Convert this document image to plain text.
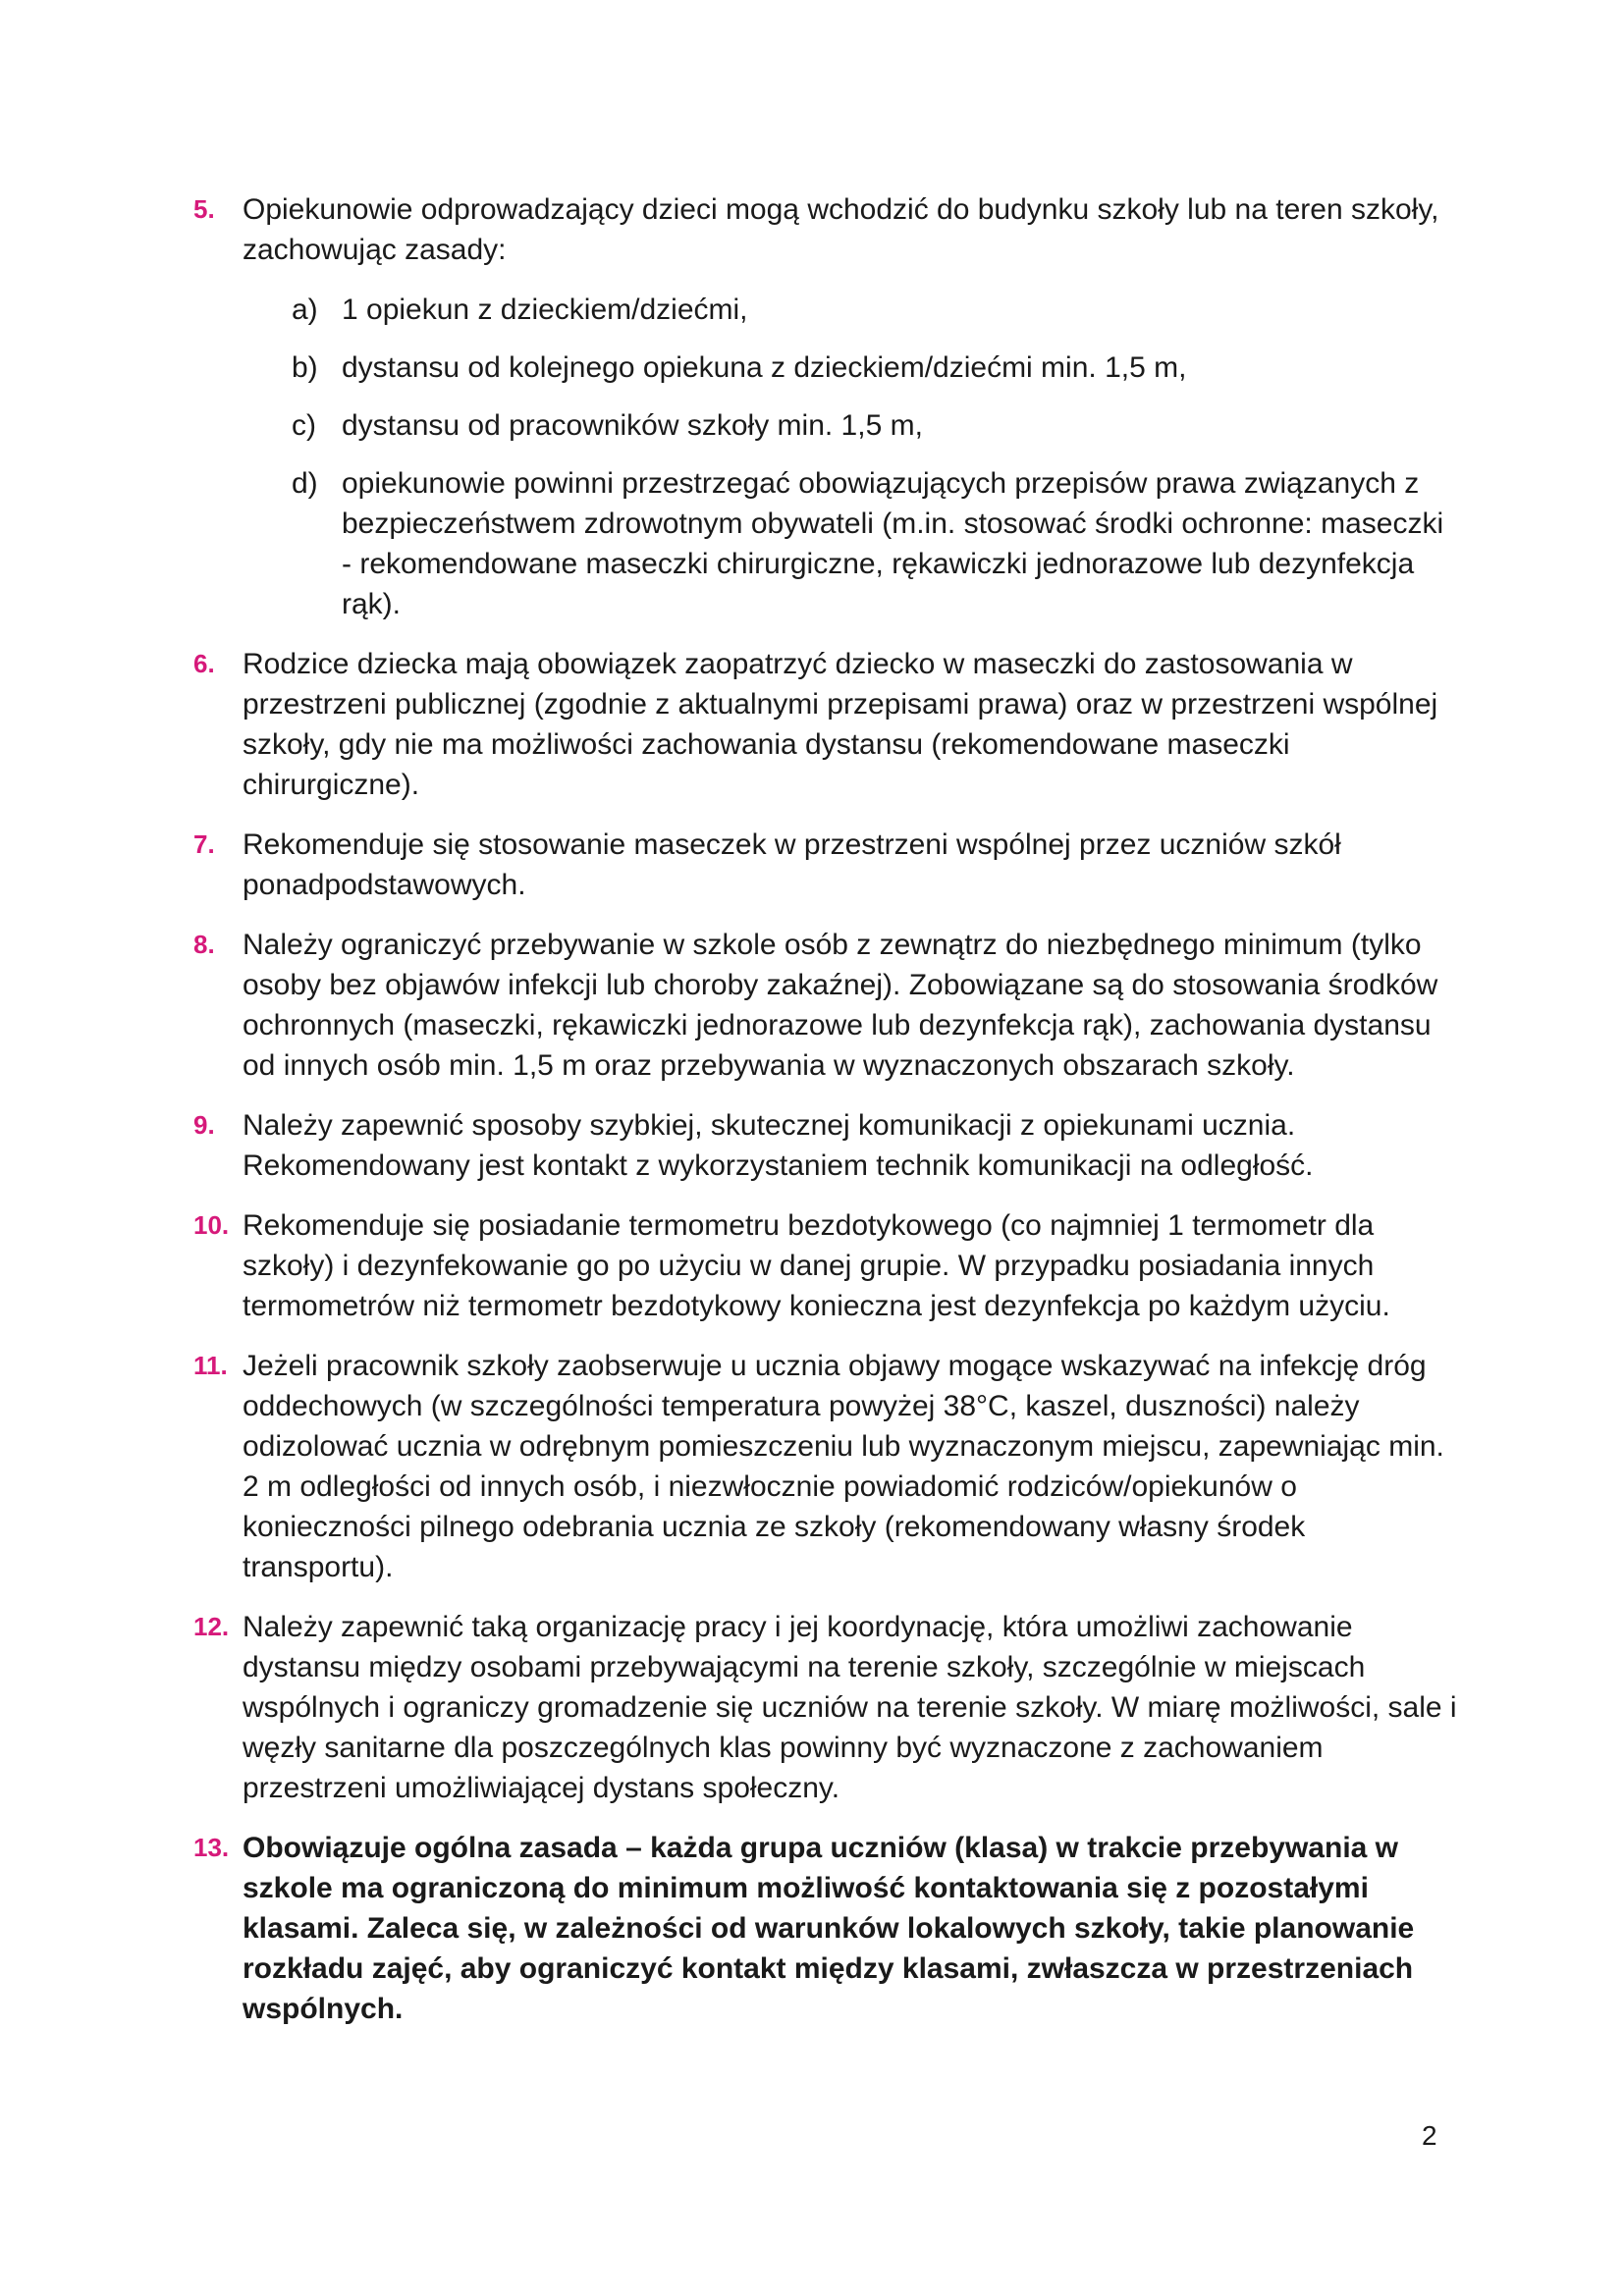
5. Opiekunowie odprowadzający dzieci mogą wchodzić do budynku szkoły lub na teren szkoły, zachowując zasady:
a) 1 opiekun z dzieckiem/dziećmi,
b) dystansu od kolejnego opiekuna z dzieckiem/dziećmi min. 1,5 m,
c) dystansu od pracowników szkoły min. 1,5 m,
d) opiekunowie powinni przestrzegać obowiązujących przepisów prawa związanych z bezpieczeństwem zdrowotnym obywateli (m.in. stosować środki ochronne: maseczki - rekomendowane maseczki chirurgiczne, rękawiczki jednorazowe lub dezynfekcja rąk).
6. Rodzice dziecka mają obowiązek zaopatrzyć dziecko w maseczki do zastosowania w przestrzeni publicznej (zgodnie z aktualnymi przepisami prawa) oraz w przestrzeni wspólnej szkoły, gdy nie ma możliwości zachowania dystansu (rekomendowane maseczki chirurgiczne).
7. Rekomenduje się stosowanie maseczek w przestrzeni wspólnej przez uczniów szkół ponadpodstawowych.
8. Należy ograniczyć przebywanie w szkole osób z zewnątrz do niezbędnego minimum (tylko osoby bez objawów infekcji lub choroby zakaźnej). Zobowiązane są do stosowania środków ochronnych (maseczki, rękawiczki jednorazowe lub dezynfekcja rąk), zachowania dystansu od innych osób min. 1,5 m oraz przebywania w wyznaczonych obszarach szkoły.
9. Należy zapewnić sposoby szybkiej, skutecznej komunikacji z opiekunami ucznia. Rekomendowany jest kontakt z wykorzystaniem technik komunikacji na odległość.
10. Rekomenduje się posiadanie termometru bezdotykowego (co najmniej 1 termometr dla szkoły) i dezynfekowanie go po użyciu w danej grupie. W przypadku posiadania innych termometrów niż termometr bezdotykowy konieczna jest dezynfekcja po każdym użyciu.
11. Jeżeli pracownik szkoły zaobserwuje u ucznia objawy mogące wskazywać na infekcję dróg oddechowych (w szczególności temperatura powyżej 38°C, kaszel, duszności) należy odizolować ucznia w odrębnym pomieszczeniu lub wyznaczonym miejscu, zapewniając min. 2 m odległości od innych osób, i niezwłocznie powiadomić rodziców/opiekunów o konieczności pilnego odebrania ucznia ze szkoły (rekomendowany własny środek transportu).
12. Należy zapewnić taką organizację pracy i jej koordynację, która umożliwi zachowanie dystansu między osobami przebywającymi na terenie szkoły, szczególnie w miejscach wspólnych i ograniczy gromadzenie się uczniów na terenie szkoły. W miarę możliwości, sale i węzły sanitarne dla poszczególnych klas powinny być wyznaczone z zachowaniem przestrzeni umożliwiającej dystans społeczny.
13. Obowiązuje ogólna zasada – każda grupa uczniów (klasa) w trakcie przebywania w szkole ma ograniczoną do minimum możliwość kontaktowania się z pozostałymi klasami. Zaleca się, w zależności od warunków lokalowych szkoły, takie planowanie rozkładu zajęć, aby ograniczyć kontakt między klasami, zwłaszcza w przestrzeniach wspólnych.
2
